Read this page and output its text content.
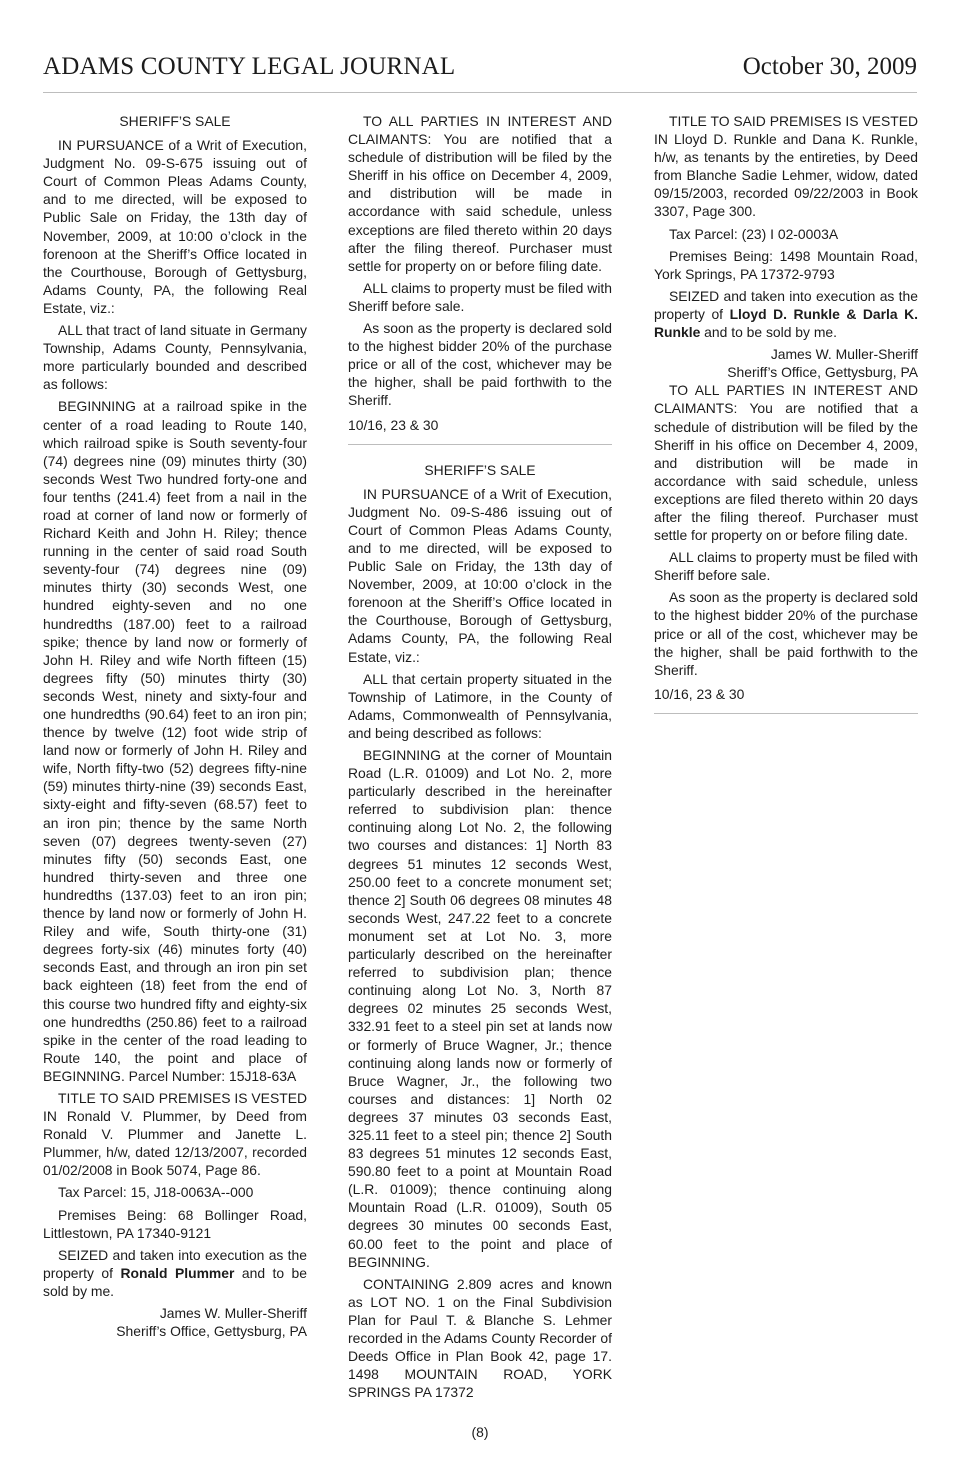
ADAMS COUNTY LEGAL JOURNAL	October 30, 2009

SHERIFF’S SALE

IN PURSUANCE of a Writ of Execution, Judgment No. 09-S-675 issuing out of Court of Common Pleas Adams County, and to me directed, will be exposed to Public Sale on Friday, the 13th day of November, 2009, at 10:00 o’clock in the forenoon at the Sheriff’s Office located in the Courthouse, Borough of Gettysburg, Adams County, PA, the following Real Estate, viz.:

ALL that tract of land situate in Germany Township, Adams County, Pennsylvania, more particularly bounded and described as follows:

BEGINNING at a railroad spike in the center of a road leading to Route 140, which railroad spike is South seventy-four (74) degrees nine (09) minutes thirty (30) seconds West Two hundred forty-one and four tenths (241.4) feet from a nail in the road at corner of land now or formerly of Richard Keith and John H. Riley; thence running in the center of said road South seventy-four (74) degrees nine (09) minutes thirty (30) seconds West, one hundred eighty-seven and no one hundredths (187.00) feet to a railroad spike; thence by land now or formerly of John H. Riley and wife North fifteen (15) degrees fifty (50) minutes thirty (30) seconds West, ninety and sixty-four and one hundredths (90.64) feet to an iron pin; thence by twelve (12) foot wide strip of land now or formerly of John H. Riley and wife, North fifty-two (52) degrees fifty-nine (59) minutes thirty-nine (39) seconds East, sixty-eight and fifty-seven (68.57) feet to an iron pin; thence by the same North seven (07) degrees twenty-seven (27) minutes fifty (50) seconds East, one hundred thirty-seven and three one hundredths (137.03) feet to an iron pin; thence by land now or formerly of John H. Riley and wife, South thirty-one (31) degrees forty-six (46) minutes forty (40) seconds East, and through an iron pin set back eighteen (18) feet from the end of this course two hundred fifty and eighty-six one hundredths (250.86) feet to a railroad spike in the center of the road leading to Route 140, the point and place of BEGINNING. Parcel Number: 15J18-63A

TITLE TO SAID PREMISES IS VESTED IN Ronald V. Plummer, by Deed from Ronald V. Plummer and Janette L. Plummer, h/w, dated 12/13/2007, recorded 01/02/2008 in Book 5074, Page 86.

Tax Parcel: 15, J18-0063A--000

Premises Being: 68 Bollinger Road, Littlestown, PA 17340-9121

SEIZED and taken into execution as the property of Ronald Plummer and to be sold by me.

James W. Muller-Sheriff

Sheriff’s Office, Gettysburg, PA

TO ALL PARTIES IN INTEREST AND CLAIMANTS: You are notified that a schedule of distribution will be filed by the Sheriff in his office on December 4, 2009, and distribution will be made in accordance with said schedule, unless exceptions are filed thereto within 20 days after the filing thereof. Purchaser must settle for property on or before filing date.

ALL claims to property must be filed with Sheriff before sale.

As soon as the property is declared sold to the highest bidder 20% of the purchase price or all of the cost, whichever may be the higher, shall be paid forthwith to the Sheriff.

10/16, 23 & 30

SHERIFF’S SALE

IN PURSUANCE of a Writ of Execution, Judgment No. 09-S-486 issuing out of Court of Common Pleas Adams County, and to me directed, will be exposed to Public Sale on Friday, the 13th day of November, 2009, at 10:00 o’clock in the forenoon at the Sheriff’s Office located in the Courthouse, Borough of Gettysburg, Adams County, PA, the following Real Estate, viz.:

ALL that certain property situated in the Township of Latimore, in the County of Adams, Commonwealth of Pennsylvania, and being described as follows:

BEGINNING at the corner of Mountain Road (L.R. 01009) and Lot No. 2, more particularly described in the hereinafter referred to subdivision plan: thence continuing along Lot No. 2, the following two courses and distances: 1] North 83 degrees 51 minutes 12 seconds West, 250.00 feet to a concrete monument set; thence 2] South 06 degrees 08 minutes 48 seconds West, 247.22 feet to a concrete monument set at Lot No. 3, more particularly described on the hereinafter referred to subdivision plan; thence continuing along Lot No. 3, North 87 degrees 02 minutes 25 seconds West, 332.91 feet to a steel pin set at lands now or formerly of Bruce Wagner, Jr.; thence continuing along lands now or formerly of Bruce Wagner, Jr., the following two courses and distances: 1] North 02 degrees 37 minutes 03 seconds East, 325.11 feet to a steel pin; thence 2] South 83 degrees 51 minutes 12 seconds East, 590.80 feet to a point at Mountain Road (L.R. 01009); thence continuing along Mountain Road (L.R. 01009), South 05 degrees 30 minutes 00 seconds East, 60.00 feet to the point and place of BEGINNING.

CONTAINING 2.809 acres and known as LOT NO. 1 on the Final Subdivision Plan for Paul T. & Blanche S. Lehmer recorded in the Adams County Recorder of Deeds Office in Plan Book 42, page 17. 1498 MOUNTAIN ROAD, YORK SPRINGS PA 17372

TITLE TO SAID PREMISES IS VESTED IN Lloyd D. Runkle and Dana K. Runkle, h/w, as tenants by the entireties, by Deed from Blanche Sadie Lehmer, widow, dated 09/15/2003, recorded 09/22/2003 in Book 3307, Page 300.

Tax Parcel: (23) I 02-0003A

Premises Being: 1498 Mountain Road, York Springs, PA 17372-9793

SEIZED and taken into execution as the property of Lloyd D. Runkle & Darla K. Runkle and to be sold by me.

James W. Muller-Sheriff

Sheriff’s Office, Gettysburg, PA

TO ALL PARTIES IN INTEREST AND CLAIMANTS: You are notified that a schedule of distribution will be filed by the Sheriff in his office on December 4, 2009, and distribution will be made in accordance with said schedule, unless exceptions are filed thereto within 20 days after the filing thereof. Purchaser must settle for property on or before filing date.

ALL claims to property must be filed with Sheriff before sale.

As soon as the property is declared sold to the highest bidder 20% of the purchase price or all of the cost, whichever may be the higher, shall be paid forthwith to the Sheriff.

10/16, 23 & 30

(8)
